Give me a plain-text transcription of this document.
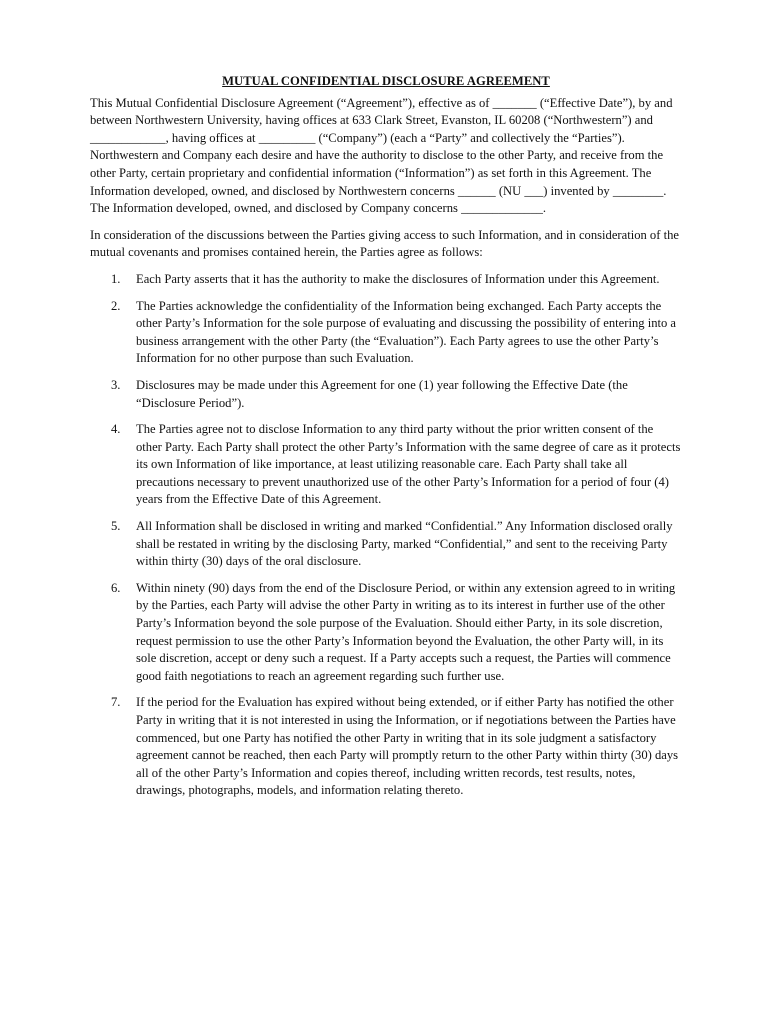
MUTUAL CONFIDENTIAL DISCLOSURE AGREEMENT

This Mutual Confidential Disclosure Agreement (“Agreement”), effective as of _______ (“Effective Date”), by and between Northwestern University, having offices at 633 Clark Street, Evanston, IL 60208 (“Northwestern”) and ____________, having offices at _________ (“Company”) (each a “Party” and collectively the “Parties”). Northwestern and Company each desire and have the authority to disclose to the other Party, and receive from the other Party, certain proprietary and confidential information (“Information”) as set forth in this Agreement. The Information developed, owned, and disclosed by Northwestern concerns ______ (NU ___) invented by ________. The Information developed, owned, and disclosed by Company concerns _____________.

In consideration of the discussions between the Parties giving access to such Information, and in consideration of the mutual covenants and promises contained herein, the Parties agree as follows:

1. Each Party asserts that it has the authority to make the disclosures of Information under this Agreement.
2. The Parties acknowledge the confidentiality of the Information being exchanged. Each Party accepts the other Party’s Information for the sole purpose of evaluating and discussing the possibility of entering into a business arrangement with the other Party (the “Evaluation”). Each Party agrees to use the other Party’s Information for no other purpose than such Evaluation.
3. Disclosures may be made under this Agreement for one (1) year following the Effective Date (the “Disclosure Period”).
4. The Parties agree not to disclose Information to any third party without the prior written consent of the other Party. Each Party shall protect the other Party’s Information with the same degree of care as it protects its own Information of like importance, at least utilizing reasonable care. Each Party shall take all precautions necessary to prevent unauthorized use of the other Party’s Information for a period of four (4) years from the Effective Date of this Agreement.
5. All Information shall be disclosed in writing and marked “Confidential.” Any Information disclosed orally shall be restated in writing by the disclosing Party, marked “Confidential,” and sent to the receiving Party within thirty (30) days of the oral disclosure.
6. Within ninety (90) days from the end of the Disclosure Period, or within any extension agreed to in writing by the Parties, each Party will advise the other Party in writing as to its interest in further use of the other Party’s Information beyond the sole purpose of the Evaluation. Should either Party, in its sole discretion, request permission to use the other Party’s Information beyond the Evaluation, the other Party will, in its sole discretion, accept or deny such a request. If a Party accepts such a request, the Parties will commence good faith negotiations to reach an agreement regarding such further use.
7. If the period for the Evaluation has expired without being extended, or if either Party has notified the other Party in writing that it is not interested in using the Information, or if negotiations between the Parties have commenced, but one Party has notified the other Party in writing that in its sole judgment a satisfactory agreement cannot be reached, then each Party will promptly return to the other Party within thirty (30) days all of the other Party’s Information and copies thereof, including written records, test results, notes, drawings, photographs, models, and information relating thereto.
